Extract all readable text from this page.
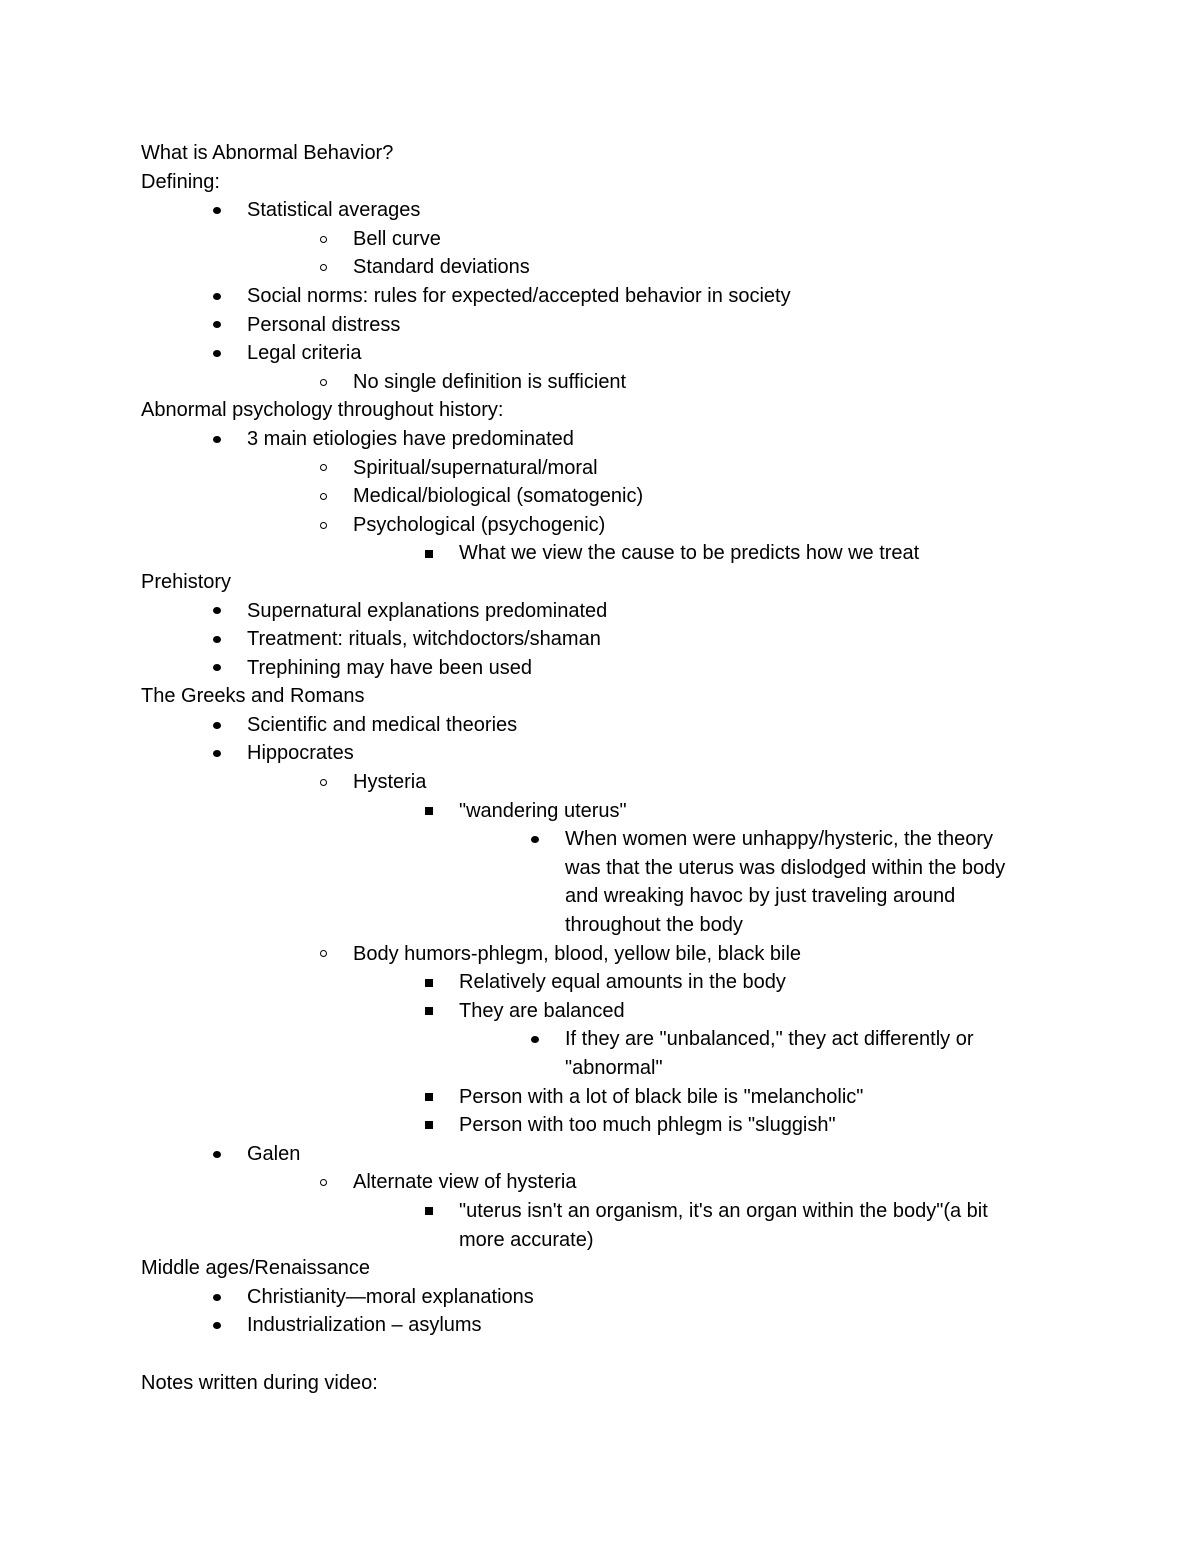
What is Abnormal Behavior?
Defining:
Statistical averages
Bell curve
Standard deviations
Social norms: rules for expected/accepted behavior in society
Personal distress
Legal criteria
No single definition is sufficient
Abnormal psychology throughout history:
3 main etiologies have predominated
Spiritual/supernatural/moral
Medical/biological (somatogenic)
Psychological (psychogenic)
What we view the cause to be predicts how we treat
Prehistory
Supernatural explanations predominated
Treatment: rituals, witchdoctors/shaman
Trephining may have been used
The Greeks and Romans
Scientific and medical theories
Hippocrates
Hysteria
"wandering uterus"
When women were unhappy/hysteric, the theory
was that the uterus was dislodged within the body
and wreaking havoc by just traveling around
throughout the body
Body humors-phlegm, blood, yellow bile, black bile
Relatively equal amounts in the body
They are balanced
If they are "unbalanced," they act differently or
"abnormal"
Person with a lot of black bile is "melancholic"
Person with too much phlegm is "sluggish"
Galen
Alternate view of hysteria
"uterus isn't an organism, it's an organ within the body"(a bit
more accurate)
Middle ages/Renaissance
Christianity—moral explanations
Industrialization – asylums
Notes written during video:
